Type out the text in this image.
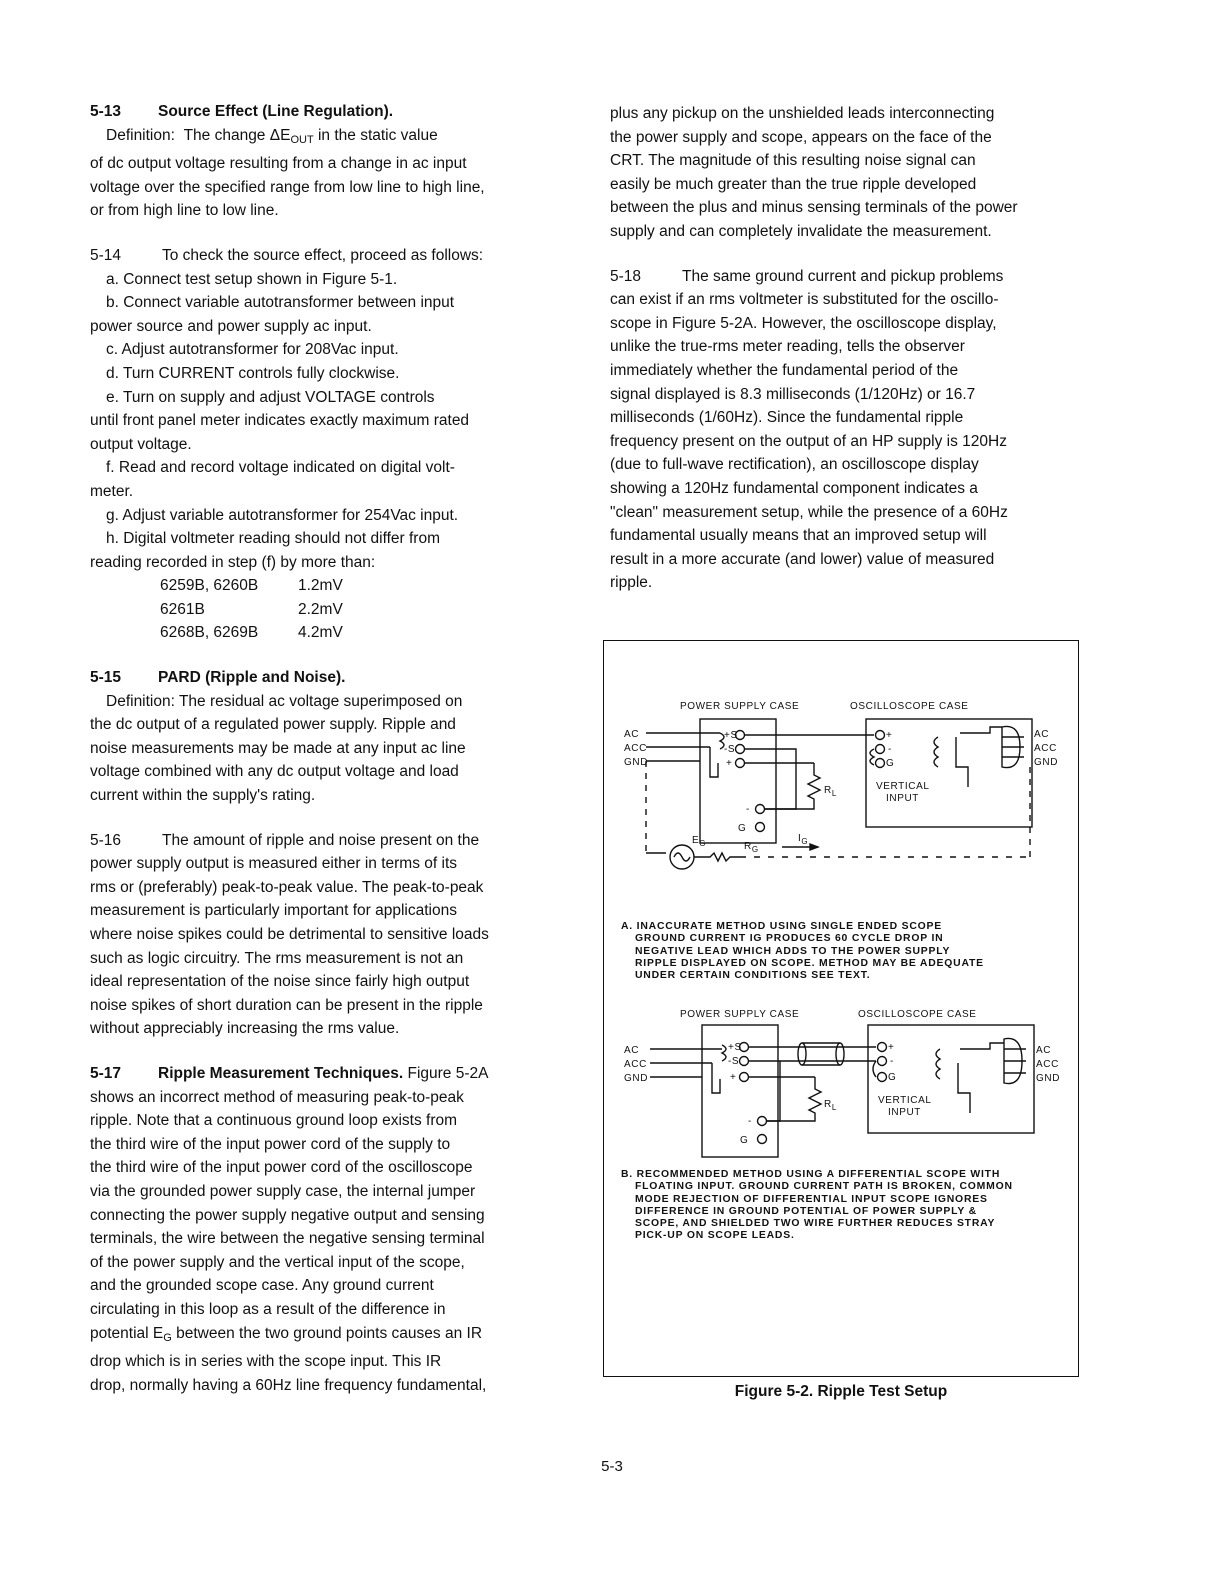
5-13 Source Effect (Line Regulation).

Definition: The change $\Delta E_{OUT}$ in the static value

of dc output voltage resulting from a change in ac input

voltage over the specified range from low line to high line,

or from high line to low line.

5-14	To check the source effect, proceed as follows:

a. Connect test setup shown in Figure 5-1.

b. Connect variable autotransformer between input

power source and power supply ac input.

c. Adjust autotransformer for 208Vac input.

d. Turn CURRENT controls fully clockwise.

e. Turn on supply and adjust VOLTAGE controls

until front panel meter indicates exactly maximum rated

output voltage.

f. Read and record voltage indicated on digital volt-

meter.

g. Adjust variable autotransformer for 254Vac input.

h. Digital voltmeter reading should not differ from

reading recorded in step (f) by more than:

6259B, 6260B	1.2mV
6261B	2.2mV
6268B, 6269B	4.2mV

5-15 PARD (Ripple and Noise).

Definition: The residual ac voltage superimposed on

the dc output of a regulated power supply. Ripple and

noise measurements may be made at any input ac line

voltage combined with any dc output voltage and load

current within the supply's rating.

5-16	The amount of ripple and noise present on the

power supply output is measured either in terms of its

rms or (preferably) peak-to-peak value. The peak-to-peak

measurement is particularly important for applications

where noise spikes could be detrimental to sensitive loads

such as logic circuitry. The rms measurement is not an

ideal representation of the noise since fairly high output

noise spikes of short duration can be present in the ripple

without appreciably increasing the rms value.

5-17 Ripple Measurement Techniques. Figure 5-2A

shows an incorrect method of measuring peak-to-peak

ripple. Note that a continuous ground loop exists from

the third wire of the input power cord of the supply to

the third wire of the input power cord of the oscilloscope

via the grounded power supply case, the internal jumper

connecting the power supply negative output and sensing

terminals, the wire between the negative sensing terminal

of the power supply and the vertical input of the scope,

and the grounded scope case. Any ground current

circulating in this loop as a result of the difference in

potential $E_G$ between the two ground points causes an IR

drop which is in series with the scope input. This IR

drop, normally having a 60Hz line frequency fundamental,

plus any pickup on the unshielded leads interconnecting

the power supply and scope, appears on the face of the

CRT. The magnitude of this resulting noise signal can

easily be much greater than the true ripple developed

between the plus and minus sensing terminals of the power

supply and can completely invalidate the measurement.

5-18	The same ground current and pickup problems

can exist if an rms voltmeter is substituted for the oscillo-

scope in Figure 5-2A. However, the oscilloscope display,

unlike the true-rms meter reading, tells the observer

immediately whether the fundamental period of the

signal displayed is 8.3 milliseconds (1/120Hz) or 16.7

milliseconds (1/60Hz). Since the fundamental ripple

frequency present on the output of an HP supply is 120Hz

(due to full-wave rectification), an oscilloscope display

showing a 120Hz fundamental component indicates a

"clean" measurement setup, while the presence of a 60Hz

fundamental usually means that an improved setup will

result in a more accurate (and lower) value of measured

ripple.

POWER SUPPLY CASE	OSCILLOSCOPE CASE
AC
ACC
GND
+S
-S
+
-
G
$R_L$
+
-
G
VERTICAL
INPUT
AC
ACC
GND
$E_G$	$R_G$
$I_G$
A. INACCURATE METHOD USING SINGLE ENDED SCOPE
GROUND CURRENT IG PRODUCES 60 CYCLE DROP IN
NEGATIVE LEAD WHICH ADDS TO THE POWER SUPPLY
RIPPLE DISPLAYED ON SCOPE. METHOD MAY BE ADEQUATE
UNDER CERTAIN CONDITIONS SEE TEXT.
POWER SUPPLY CASE	OSCILLOSCOPE CASE
AC
ACC
GND
+S
-S
+
-
G
$R_L$
+
-
G
VERTICAL
INPUT
AC
ACC
GND
B. RECOMMENDED METHOD USING A DIFFERENTIAL SCOPE WITH
FLOATING INPUT. GROUND CURRENT PATH IS BROKEN, COMMON
MODE REJECTION OF DIFFERENTIAL INPUT SCOPE IGNORES
DIFFERENCE IN GROUND POTENTIAL OF POWER SUPPLY &
SCOPE, AND SHIELDED TWO WIRE FURTHER REDUCES STRAY
PICK-UP ON SCOPE LEADS.
Figure 5-2. Ripple Test Setup
5-3
